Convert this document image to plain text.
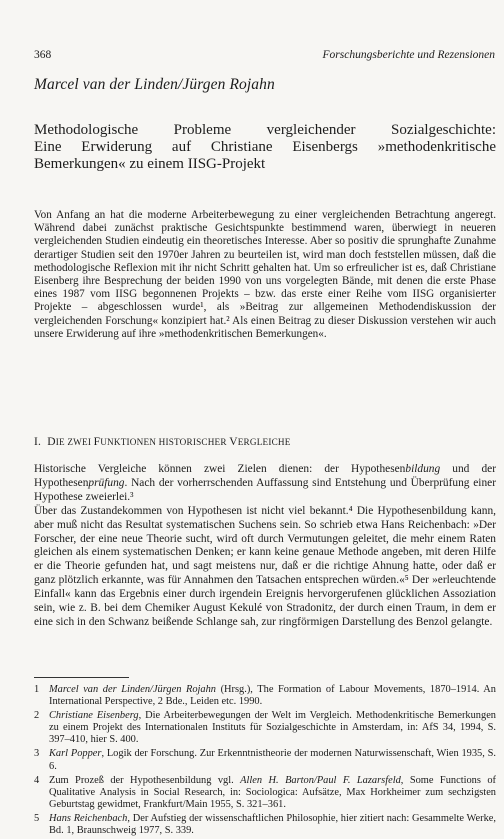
368	Forschungsberichte und Rezensionen
Marcel van der Linden/Jürgen Rojahn
Methodologische Probleme vergleichender Sozialgeschichte:
Eine Erwiderung auf Christiane Eisenbergs »methodenkritische
Bemerkungen« zu einem IISG-Projekt

Von Anfang an hat die moderne Arbeiterbewegung zu einer vergleichenden Betrachtung angeregt. Während dabei zunächst praktische Gesichtspunkte bestimmend waren, überwiegt in neueren vergleichenden Studien eindeutig ein theoretisches Interesse. Aber so positiv die sprunghafte Zunahme derartiger Studien seit den 1970er Jahren zu beurteilen ist, wird man doch feststellen müssen, daß die methodologische Reflexion mit ihr nicht Schritt gehalten hat. Um so erfreulicher ist es, daß Christiane Eisenberg ihre Besprechung der beiden 1990 von uns vorgelegten Bände, mit denen die erste Phase eines 1987 vom IISG begonnenen Projekts – bzw. das erste einer Reihe vom IISG organisierter Projekte – abgeschlossen wurde¹, als »Beitrag zur allgemeinen Methodendiskussion der vergleichenden Forschung« konzipiert hat.² Als einen Beitrag zu dieser Diskussion verstehen wir auch unsere Erwiderung auf ihre »methodenkritischen Bemerkungen«.

I. DIE ZWEI FUNKTIONEN HISTORISCHER VERGLEICHE

Historische Vergleiche können zwei Zielen dienen: der Hypothesenbildung und der Hypothesenprüfung. Nach der vorherrschenden Auffassung sind Entstehung und Überprüfung einer Hypothese zweierlei.³

Über das Zustandekommen von Hypothesen ist nicht viel bekannt.⁴ Die Hypothesenbildung kann, aber muß nicht das Resultat systematischen Suchens sein. So schrieb etwa Hans Reichenbach: »Der Forscher, der eine neue Theorie sucht, wird oft durch Vermutungen geleitet, die mehr einem Raten gleichen als einem systematischen Denken; er kann keine genaue Methode angeben, mit deren Hilfe er die Theorie gefunden hat, und sagt meistens nur, daß er die richtige Ahnung hatte, oder daß er ganz plötzlich erkannte, was für Annahmen den Tatsachen entsprechen würden.«⁵ Der »erleuchtende Einfall« kann das Ergebnis einer durch irgendein Ereignis hervorgerufenen glücklichen Assoziation sein, wie z. B. bei dem Chemiker August Kekulé von Stradonitz, der durch einen Traum, in dem er eine sich in den Schwanz beißende Schlange sah, zur ringförmigen Darstellung des Benzol gelangte.

1 Marcel van der Linden/Jürgen Rojahn (Hrsg.), The Formation of Labour Movements, 1870–1914. An International Perspective, 2 Bde., Leiden etc. 1990.
2 Christiane Eisenberg, Die Arbeiterbewegungen der Welt im Vergleich. Methodenkritische Bemerkungen zu einem Projekt des Internationalen Instituts für Sozialgeschichte in Amsterdam, in: AfS 34, 1994, S. 397–410, hier S. 400.
3 Karl Popper, Logik der Forschung. Zur Erkenntnistheorie der modernen Naturwissenschaft, Wien 1935, S. 6.
4 Zum Prozeß der Hypothesenbildung vgl. Allen H. Barton/Paul F. Lazarsfeld, Some Functions of Qualitative Analysis in Social Research, in: Sociologica: Aufsätze, Max Horkheimer zum sechzigsten Geburtstag gewidmet, Frankfurt/Main 1955, S. 321–361.
5 Hans Reichenbach, Der Aufstieg der wissenschaftlichen Philosophie, hier zitiert nach: Gesammelte Werke, Bd. 1, Braunschweig 1977, S. 339.
